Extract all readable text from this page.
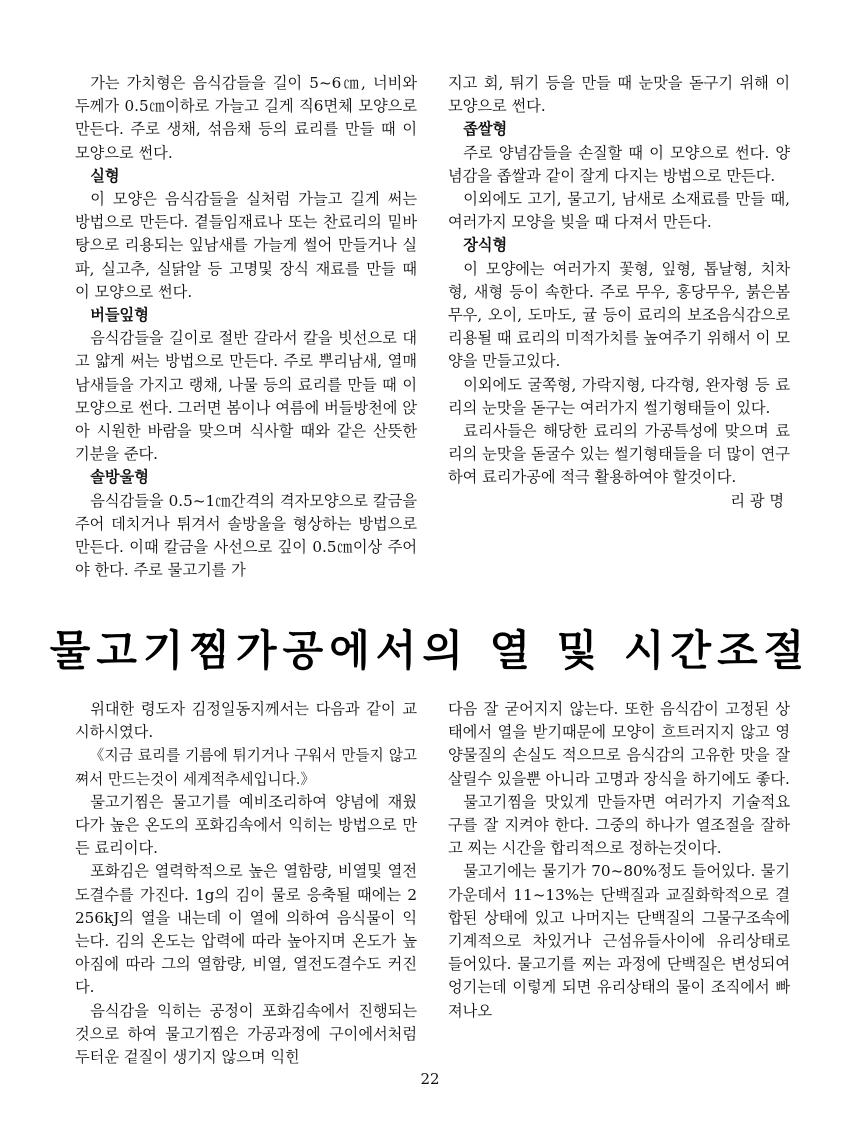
가는 가치형은 음식감들을 길이 5~6㎝, 너비와 두께가 0.5㎝이하로 가늘고 길게 직6면체 모양으로 만든다. 주로 생채, 섞음채 등의 료리를 만들 때 이 모양으로 썬다.

실형

이 모양은 음식감들을 실처럼 가늘고 길게 써는 방법으로 만든다. 곁들임재료나 또는 찬료리의 밑바탕으로 리용되는 잎남새를 가늘게 썰어 만들거나 실파, 실고추, 실닭알 등 고명및 장식 재료를 만들 때 이 모양으로 썬다.

버들잎형

음식감들을 길이로 절반 갈라서 칼을 빗선으로 대고 얇게 써는 방법으로 만든다. 주로 뿌리남새, 열매남새들을 가지고 랭채, 나물 등의 료리를 만들 때 이 모양으로 썬다. 그러면 봄이나 여름에 버들방천에 앉아 시원한 바람을 맞으며 식사할 때와 같은 산뜻한 기분을 준다.

솔방울형

음식감들을 0.5~1㎝간격의 격자모양으로 칼금을 주어 데치거나 튀겨서 솔방울을 형상하는 방법으로 만든다. 이때 칼금을 사선으로 깊이 0.5㎝이상 주어야 한다. 주로 물고기를 가

지고 회, 튀기 등을 만들 때 눈맛을 돋구기 위해 이 모양으로 썬다.

좁쌀형

주로 양념감들을 손질할 때 이 모양으로 썬다. 양념감을 좁쌀과 같이 잘게 다지는 방법으로 만든다.

이외에도 고기, 물고기, 남새로 소재료를 만들 때, 여러가지 모양을 빚을 때 다져서 만든다.

장식형

이 모양에는 여러가지 꽃형, 잎형, 톱날형, 치차형, 새형 등이 속한다. 주로 무우, 홍당무우, 붉은봄무우, 오이, 도마도, 귤 등이 료리의 보조음식감으로 리용될 때 료리의 미적가치를 높여주기 위해서 이 모양을 만들고있다.

이외에도 굴쪽형, 가락지형, 다각형, 완자형 등 료리의 눈맛을 돋구는 여러가지 썰기형태들이 있다.

료리사들은 해당한 료리의 가공특성에 맞으며 료리의 눈맛을 돋굴수 있는 썰기형태들을 더 많이 연구하여 료리가공에 적극 활용하여야 할것이다.

리 광 명

물고기찜가공에서의 열 및 시간조절

위대한 령도자 김정일동지께서는 다음과 같이 교시하시였다.

《지금 료리를 기름에 튀기거나 구워서 만들지 않고 쪄서 만드는것이 세계적추세입니다.》

물고기찜은 물고기를 예비조리하여 양념에 재웠다가 높은 온도의 포화김속에서 익히는 방법으로 만든 료리이다.

포화김은 열력학적으로 높은 열함량, 비열및 열전도결수를 가진다. 1g의 김이 물로 응축될 때에는 2 256kJ의 열을 내는데 이 열에 의하여 음식물이 익는다. 김의 온도는 압력에 따라 높아지며 온도가 높아짐에 따라 그의 열함량, 비열, 열전도결수도 커진다.

음식감을 익히는 공정이 포화김속에서 진행되는것으로 하여 물고기찜은 가공과정에 구이에서처럼 두터운 겉질이 생기지 않으며 익힌

다음 잘 굳어지지 않는다. 또한 음식감이 고정된 상태에서 열을 받기때문에 모양이 흐트러지지 않고 영양물질의 손실도 적으므로 음식감의 고유한 맛을 잘 살릴수 있을뿐 아니라 고명과 장식을 하기에도 좋다.

물고기찜을 맛있게 만들자면 여러가지 기술적요구를 잘 지켜야 한다. 그중의 하나가 열조절을 잘하고 찌는 시간을 합리적으로 정하는것이다.

물고기에는 물기가 70~80%정도 들어있다. 물기가운데서 11~13%는 단백질과 교질화학적으로 결합된 상태에 있고 나머지는 단백질의 그물구조속에 기계적으로 차있거나 근섬유들사이에 유리상태로 들어있다. 물고기를 찌는 과정에 단백질은 변성되여 엉기는데 이렇게 되면 유리상태의 물이 조직에서 빠져나오

22
